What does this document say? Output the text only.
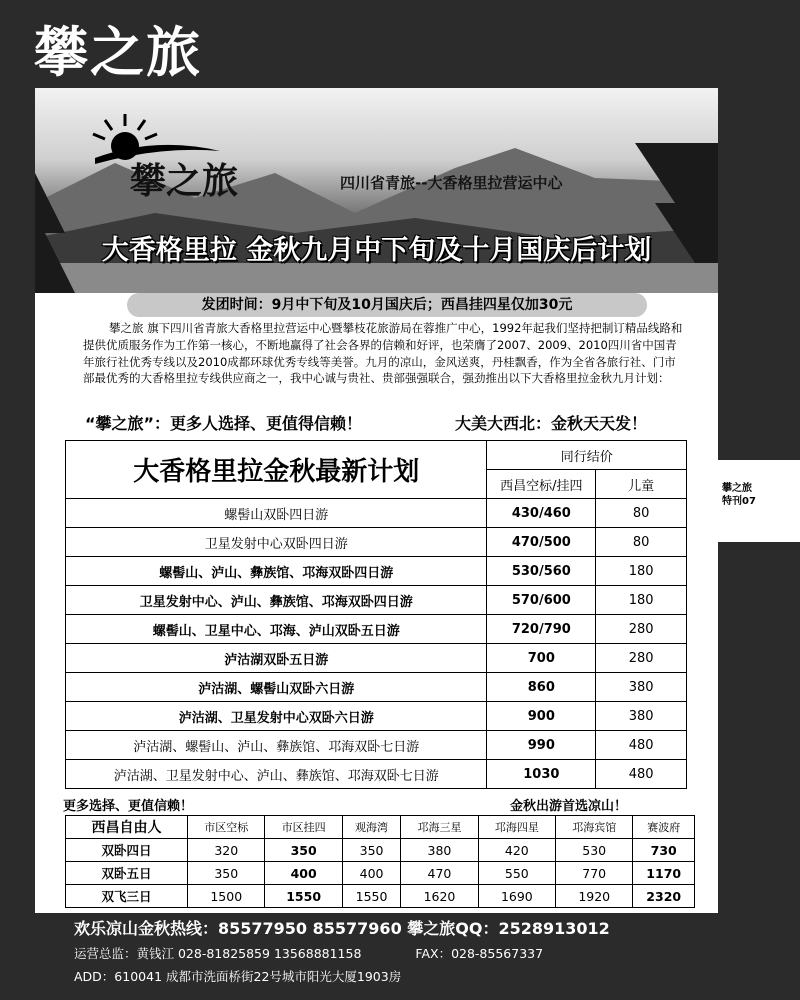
攀之旅
攀之旅	四川省青旅--大香格里拉营运中心
大香格里拉 金秋九月中下旬及十月国庆后计划
发团时间：9月中下旬及10月国庆后；西昌挂四星仅加30元
攀之旅 旗下四川省青旅大香格里拉营运中心暨攀枝花旅游局在蓉推广中心，1992年起我们坚持把制订精品线路和提供优质服务作为工作第一核心，不断地赢得了社会各界的信赖和好评，也荣膺了2007、2009、2010四川省中国青年旅行社优秀专线以及2010成都环球优秀专线等美誉。九月的凉山，金风送爽，丹桂飘香，作为全省各旅行社、门市部最优秀的大香格里拉专线供应商之一，我中心诚与贵社、贵部强强联合，强劲推出以下大香格里拉金秋九月计划：
“攀之旅”：更多人选择、更值得信赖！	大美大西北：金秋天天发！
大香格里拉金秋最新计划	同行结价	
	西昌空标/挂四	儿童
螺髻山双卧四日游	430/460	80
卫星发射中心双卧四日游	470/500	80
螺髻山、泸山、彝族馆、邛海双卧四日游	530/560	180
卫星发射中心、泸山、彝族馆、邛海双卧四日游	570/600	180
螺髻山、卫星中心、邛海、泸山双卧五日游	720/790	280
泸沽湖双卧五日游	700	280
泸沽湖、螺髻山双卧六日游	860	380
泸沽湖、卫星发射中心双卧六日游	900	380
泸沽湖、螺髻山、泸山、彝族馆、邛海双卧七日游	990	480
泸沽湖、卫星发射中心、泸山、彝族馆、邛海双卧七日游	1030	480
更多选择、更值信赖！	金秋出游首选凉山！
西昌自由人	市区空标	市区挂四	观海湾	邛海三星	邛海四星	邛海宾馆	赛波府
双卧四日	320	350	350	380	420	530	730
双卧五日	350	400	400	470	550	770	1170
双飞三日	1500	1550	1550	1620	1690	1920	2320
攀之旅
特刊07
欢乐凉山金秋热线：85577950 85577960 攀之旅QQ：2528913012
运营总监：黄钱江 028-81825859 13568881158	FAX：028-85567337
ADD：610041 成都市洗面桥街22号城市阳光大厦1903房
